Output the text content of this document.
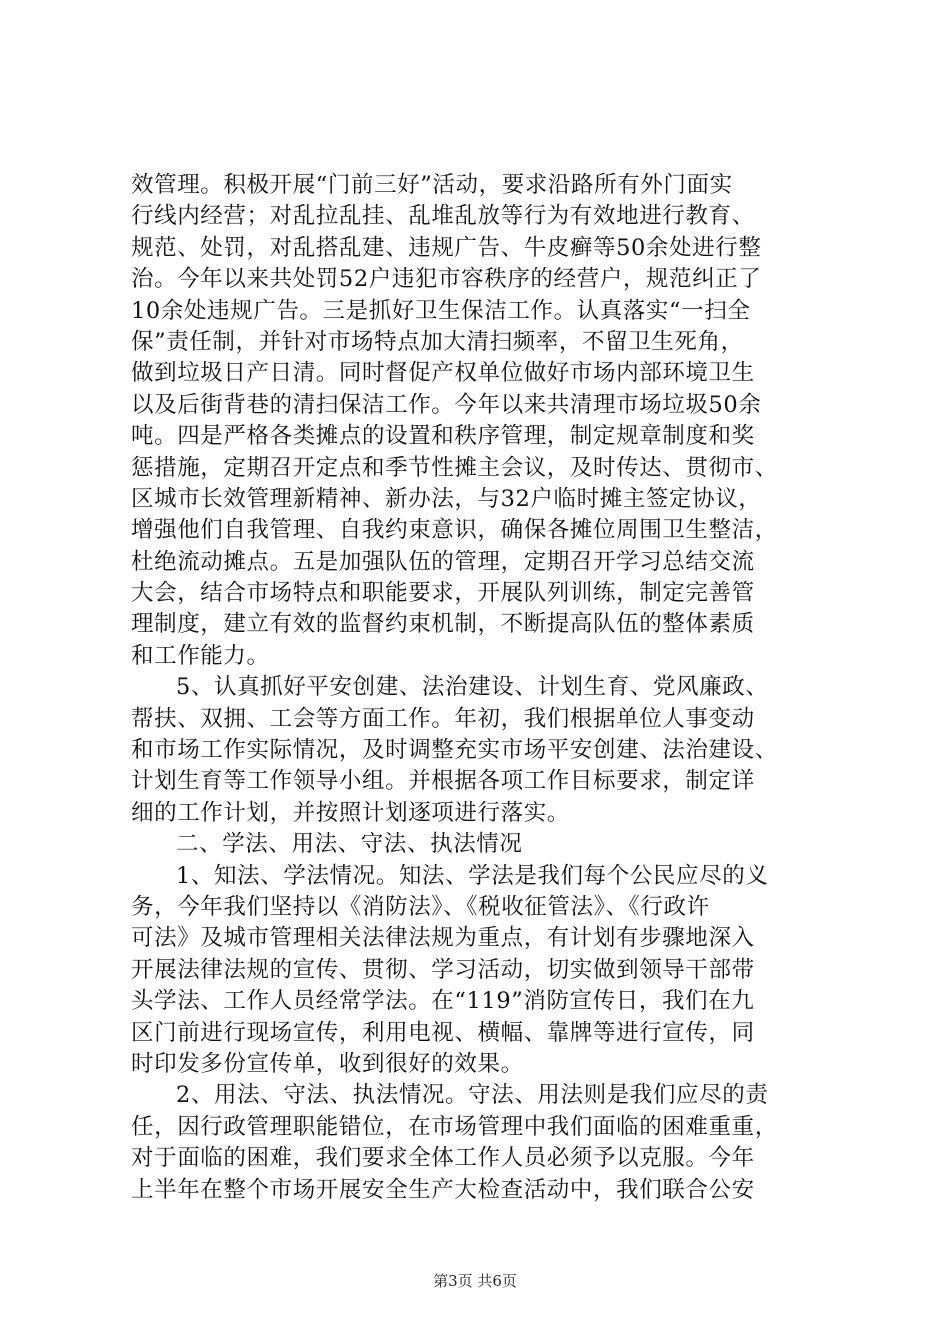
效管理。积极开展“门前三好”活动，要求沿路所有外门面实
行线内经营；对乱拉乱挂、乱堆乱放等行为有效地进行教育、
规范、处罚，对乱搭乱建、违规广告、牛皮癣等50余处进行整
治。今年以来共处罚52户违犯市容秩序的经营户，规范纠正了
10余处违规广告。三是抓好卫生保洁工作。认真落实“一扫全
保”责任制，并针对市场特点加大清扫频率，不留卫生死角，
做到垃圾日产日清。同时督促产权单位做好市场内部环境卫生
以及后街背巷的清扫保洁工作。今年以来共清理市场垃圾50余
吨。四是严格各类摊点的设置和秩序管理，制定规章制度和奖
惩措施，定期召开定点和季节性摊主会议，及时传达、贯彻市、
区城市长效管理新精神、新办法，与32户临时摊主签定协议，
增强他们自我管理、自我约束意识，确保各摊位周围卫生整洁，
杜绝流动摊点。五是加强队伍的管理，定期召开学习总结交流
大会，结合市场特点和职能要求，开展队列训练，制定完善管
理制度，建立有效的监督约束机制，不断提高队伍的整体素质
和工作能力。
5、认真抓好平安创建、法治建设、计划生育、党风廉政、
帮扶、双拥、工会等方面工作。年初，我们根据单位人事变动
和市场工作实际情况，及时调整充实市场平安创建、法治建设、
计划生育等工作领导小组。并根据各项工作目标要求，制定详
细的工作计划，并按照计划逐项进行落实。
二、学法、用法、守法、执法情况
1、知法、学法情况。知法、学法是我们每个公民应尽的义
务，今年我们坚持以《消防法》、《税收征管法》、《行政许
可法》及城市管理相关法律法规为重点，有计划有步骤地深入
开展法律法规的宣传、贯彻、学习活动，切实做到领导干部带
头学法、工作人员经常学法。在“119”消防宣传日，我们在九
区门前进行现场宣传，利用电视、横幅、靠牌等进行宣传，同
时印发多份宣传单，收到很好的效果。
2、用法、守法、执法情况。守法、用法则是我们应尽的责
任，因行政管理职能错位，在市场管理中我们面临的困难重重，
对于面临的困难，我们要求全体工作人员必须予以克服。今年
上半年在整个市场开展安全生产大检查活动中，我们联合公安
第3页 共6页
